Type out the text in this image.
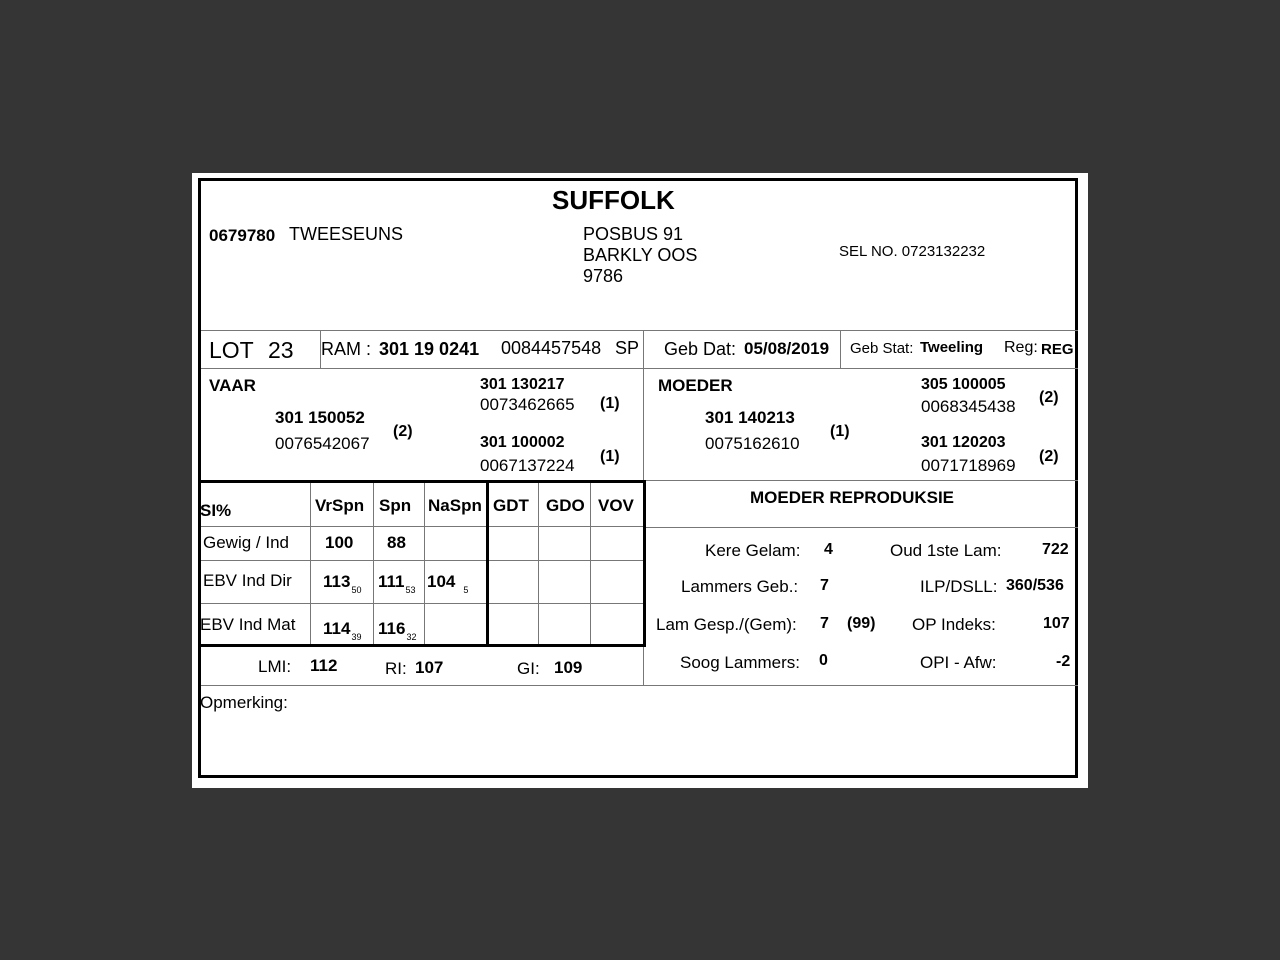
SUFFOLK
0679780 TWEESEUNS	POSBUS 91
BARKLY OOS
9786
SEL NO. 0723132232
LOT 23 RAM : 301 19 0241 0084457548 SP Geb Dat: 05/08/2019 Geb Stat: Tweeling Reg: REG
VAAR
301 150052
0076542067
(2)
301 130217
0073462665 (1)
301 100002
0067137224 (1)
MOEDER
301 140213
0075162610
(1)
305 100005
0068345438 (2)
301 120203
0071718969 (2)
SI%	VrSpn Spn NaSpn GDT GDO VOV
Gewig / Ind 100 88
EBV Ind Dir $113_{50}$ $111_{53}$ 104 $_5$
EBV Ind Mat $114_{39}$ $116_{32}$
LMI: 112	RI: 107	GI: 109
MOEDER REPRODUKSIE
Kere Gelam: 4	Oud 1ste Lam:	722
Lammers Geb.: 7	ILP/DSLL: 360/536
Lam Gesp./(Gem): 7 (99) OP Indeks:	107
Soog Lammers: 0	OPI - Afw:	-2
Opmerking:
